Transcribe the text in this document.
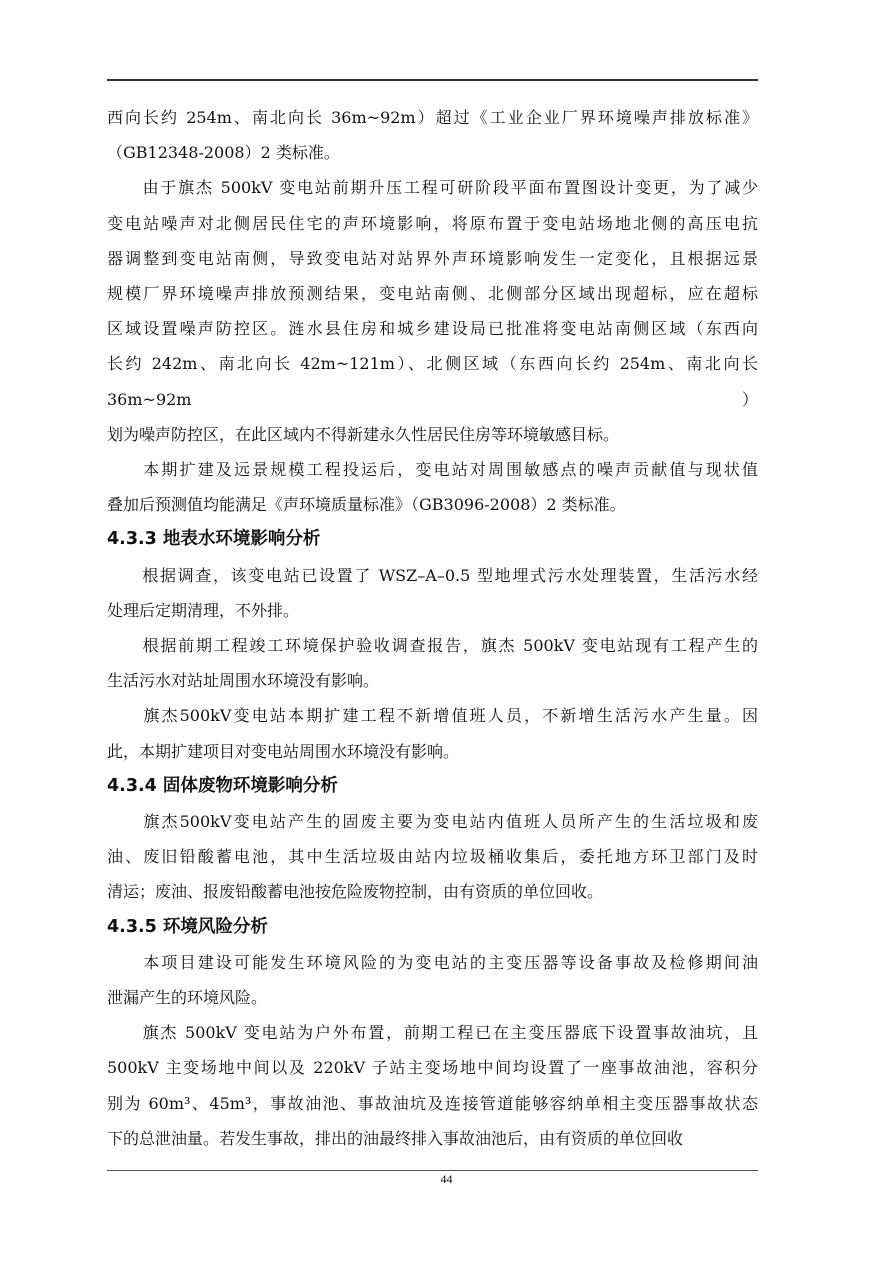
西向长约 254m、南北向长 36m~92m）超过《工业企业厂界环境噪声排放标准》
（GB12348-2008）2 类标准。
　　由于旗杰 500kV 变电站前期升压工程可研阶段平面布置图设计变更，为了减少
变电站噪声对北侧居民住宅的声环境影响，将原布置于变电站场地北侧的高压电抗
器调整到变电站南侧，导致变电站对站界外声环境影响发生一定变化，且根据远景
规模厂界环境噪声排放预测结果，变电站南侧、北侧部分区域出现超标，应在超标
区域设置噪声防控区。涟水县住房和城乡建设局已批准将变电站南侧区域（东西向
长约 242m、南北向长 42m~121m）、北侧区域（东西向长约 254m、南北向长 36m~92m）
划为噪声防控区，在此区域内不得新建永久性居民住房等环境敏感目标。
　　本期扩建及远景规模工程投运后，变电站对周围敏感点的噪声贡献值与现状值
叠加后预测值均能满足《声环境质量标准》（GB3096-2008）2 类标准。
4.3.3 地表水环境影响分析
　　根据调查，该变电站已设置了 WSZ–A–0.5 型地埋式污水处理装置，生活污水经
处理后定期清理，不外排。
　　根据前期工程竣工环境保护验收调查报告，旗杰 500kV 变电站现有工程产生的
生活污水对站址周围水环境没有影响。
　　旗杰500kV变电站本期扩建工程不新增值班人员，不新增生活污水产生量。因
此，本期扩建项目对变电站周围水环境没有影响。
4.3.4 固体废物环境影响分析
　　旗杰500kV变电站产生的固废主要为变电站内值班人员所产生的生活垃圾和废
油、废旧铅酸蓄电池，其中生活垃圾由站内垃圾桶收集后，委托地方环卫部门及时
清运；废油、报废铅酸蓄电池按危险废物控制，由有资质的单位回收。
4.3.5 环境风险分析
　　本项目建设可能发生环境风险的为变电站的主变压器等设备事故及检修期间油
泄漏产生的环境风险。
　　旗杰 500kV 变电站为户外布置，前期工程已在主变压器底下设置事故油坑，且
500kV 主变场地中间以及 220kV 子站主变场地中间均设置了一座事故油池，容积分
别为 60m³、45m³，事故油池、事故油坑及连接管道能够容纳单相主变压器事故状态
下的总泄油量。若发生事故，排出的油最终排入事故油池后，由有资质的单位回收
44
